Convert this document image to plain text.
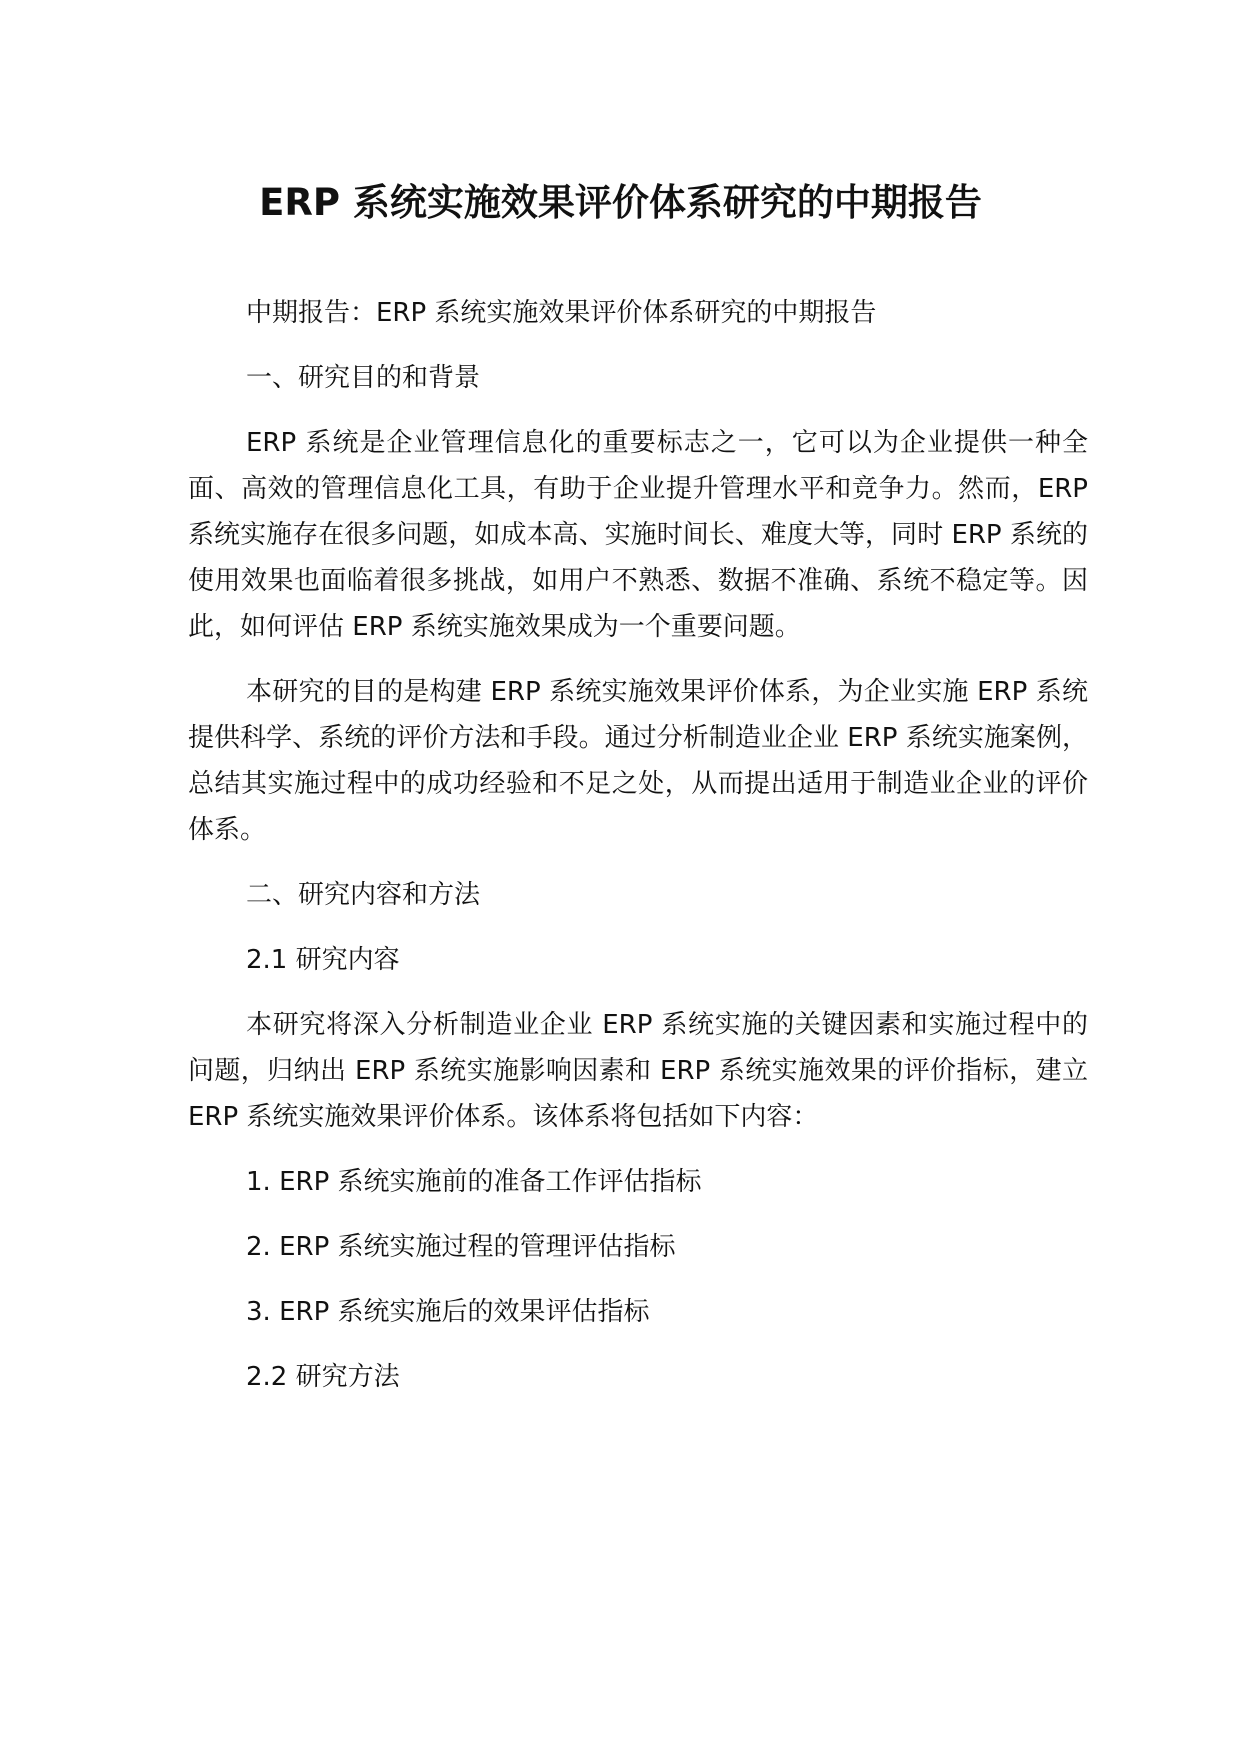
ERP 系统实施效果评价体系研究的中期报告

中期报告：ERP 系统实施效果评价体系研究的中期报告

一、研究目的和背景

ERP 系统是企业管理信息化的重要标志之一，它可以为企业提供一种全面、高效的管理信息化工具，有助于企业提升管理水平和竞争力。然而，ERP 系统实施存在很多问题，如成本高、实施时间长、难度大等，同时 ERP 系统的使用效果也面临着很多挑战，如用户不熟悉、数据不准确、系统不稳定等。因此，如何评估 ERP 系统实施效果成为一个重要问题。

本研究的目的是构建 ERP 系统实施效果评价体系，为企业实施 ERP 系统提供科学、系统的评价方法和手段。通过分析制造业企业 ERP 系统实施案例，总结其实施过程中的成功经验和不足之处，从而提出适用于制造业企业的评价体系。

二、研究内容和方法

2.1 研究内容

本研究将深入分析制造业企业 ERP 系统实施的关键因素和实施过程中的问题，归纳出 ERP 系统实施影响因素和 ERP 系统实施效果的评价指标，建立 ERP 系统实施效果评价体系。该体系将包括如下内容：

1. ERP 系统实施前的准备工作评估指标

2. ERP 系统实施过程的管理评估指标

3. ERP 系统实施后的效果评估指标

2.2 研究方法
